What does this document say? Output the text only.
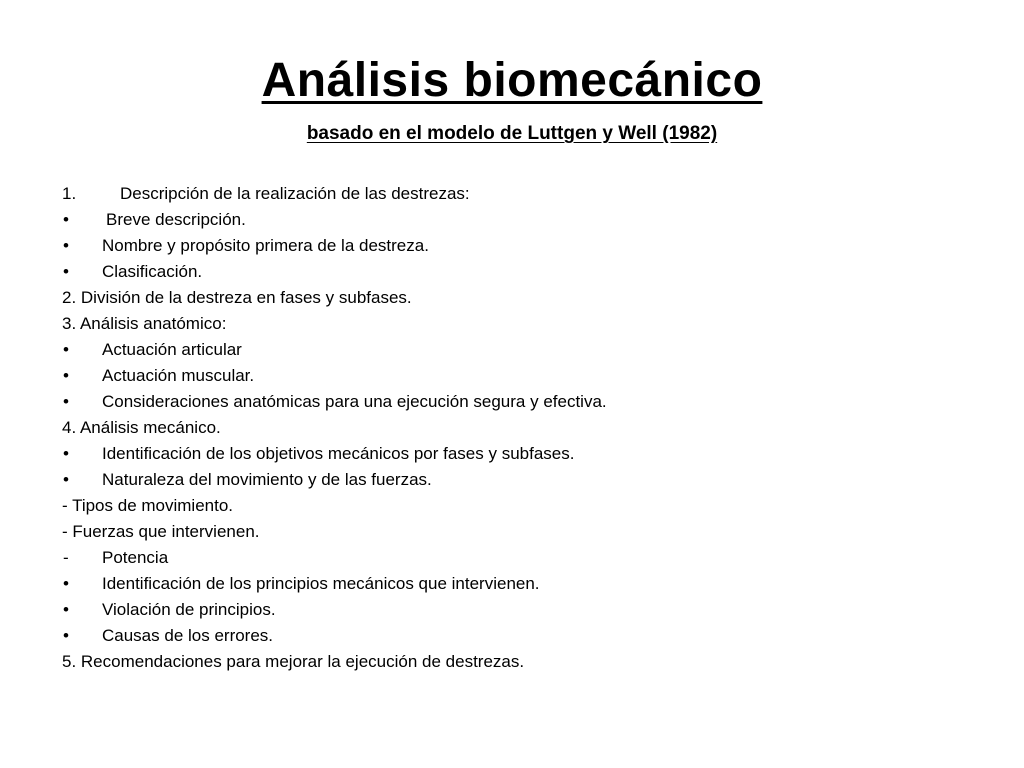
Análisis biomecánico
basado en el modelo de Luttgen y Well (1982)
1.	Descripción de la realización de las destrezas:
•	Breve descripción.
•	Nombre y propósito primera de la destreza.
•	Clasificación.
2. División de la destreza en fases y subfases.
3. Análisis anatómico:
•	Actuación articular
•	Actuación muscular.
•	Consideraciones anatómicas para una ejecución segura y efectiva.
4. Análisis mecánico.
•	Identificación de los objetivos mecánicos por fases y subfases.
•	Naturaleza del movimiento y de las fuerzas.
- Tipos de movimiento.
- Fuerzas que intervienen.
-	Potencia
•	Identificación de los principios mecánicos que intervienen.
•	Violación de principios.
•	Causas de los errores.
5. Recomendaciones para mejorar la ejecución de destrezas.
